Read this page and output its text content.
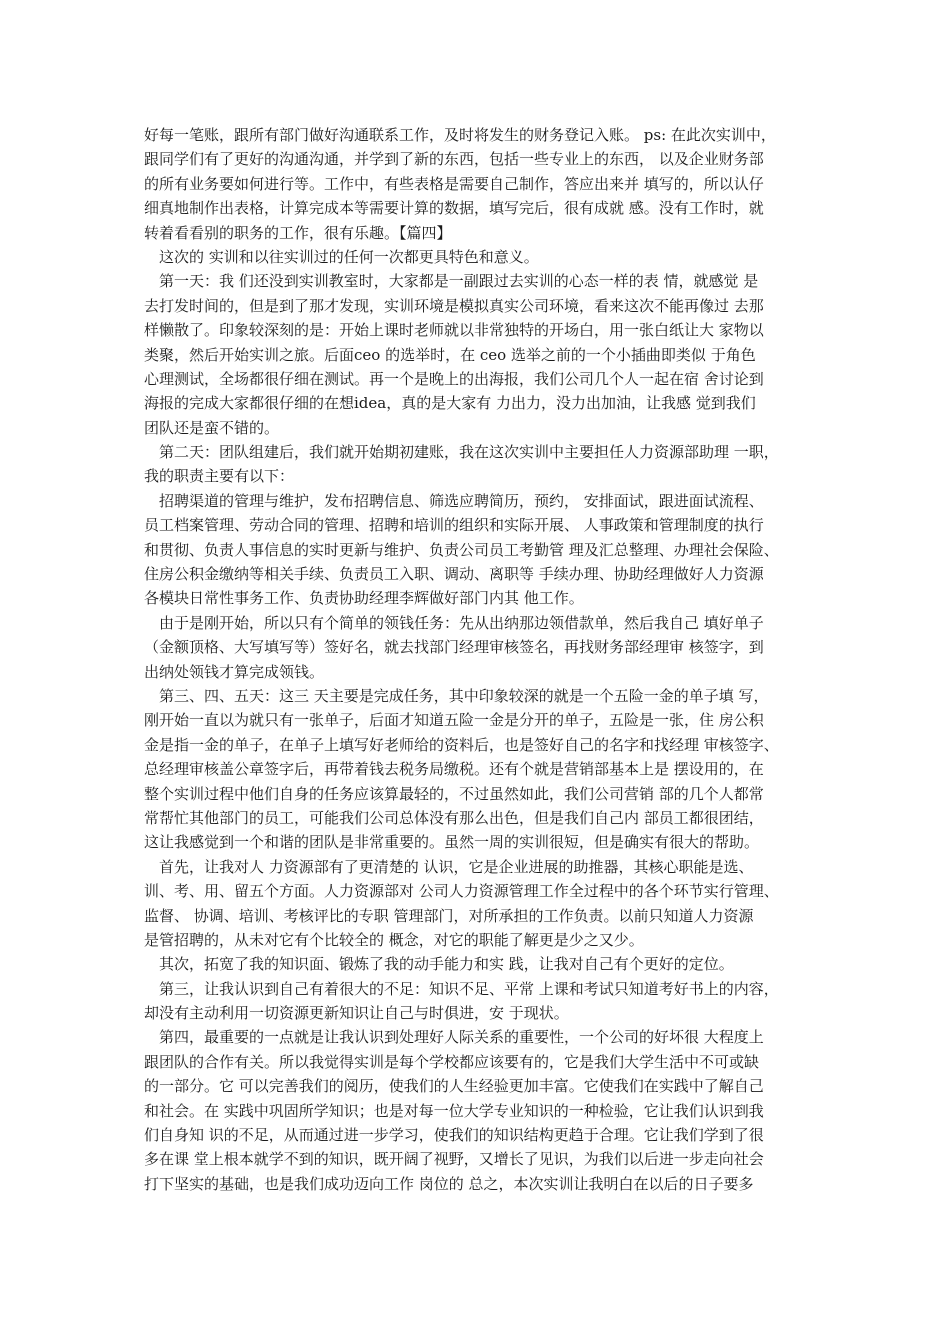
好每一笔账，跟所有部门做好沟通联系工作，及时将发生的财务登记入账。 ps: 在此次实训中，
跟同学们有了更好的沟通沟通，并学到了新的东西，包括一些专业上的东西， 以及企业财务部
的所有业务要如何进行等。工作中，有些表格是需要自己制作，答应出来并 填写的，所以认仔
细真地制作出表格，计算完成本等需要计算的数据，填写完后，很有成就 感。没有工作时，就
转着看看别的职务的工作，很有乐趣。【篇四】
这次的 实训和以往实训过的任何一次都更具特色和意义。
第一天：我 们还没到实训教室时，大家都是一副跟过去实训的心态一样的表 情，就感觉 是
去打发时间的，但是到了那才发现，实训环境是模拟真实公司环境，看来这次不能再像过 去那
样懒散了。印象较深刻的是：开始上课时老师就以非常独特的开场白，用一张白纸让大 家物以
类聚，然后开始实训之旅。后面ceo 的选举时，在 ceo 选举之前的一个小插曲即类似 于角色
心理测试，全场都很仔细在测试。再一个是晚上的出海报，我们公司几个人一起在宿 舍讨论到
海报的完成大家都很仔细的在想idea，真的是大家有 力出力，没力出加油，让我感 觉到我们
团队还是蛮不错的。
第二天：团队组建后，我们就开始期初建账，我在这次实训中主要担任人力资源部助理 一职，
我的职责主要有以下：
招聘渠道的管理与维护，发布招聘信息、筛选应聘简历，预约， 安排面试，跟进面试流程、
员工档案管理、劳动合同的管理、招聘和培训的组织和实际开展、 人事政策和管理制度的执行
和贯彻、负责人事信息的实时更新与维护、负责公司员工考勤管 理及汇总整理、办理社会保险、
住房公积金缴纳等相关手续、负责员工入职、调动、离职等 手续办理、协助经理做好人力资源
各模块日常性事务工作、负责协助经理李辉做好部门内其 他工作。
由于是刚开始，所以只有个简单的领钱任务：先从出纳那边领借款单，然后我自己 填好单子
（金额顶格、大写填写等）签好名，就去找部门经理审核签名，再找财务部经理审 核签字，到
出纳处领钱才算完成领钱。
第三、四、五天：这三 天主要是完成任务，其中印象较深的就是一个五险一金的单子填 写，
刚开始一直以为就只有一张单子，后面才知道五险一金是分开的单子，五险是一张，住 房公积
金是指一金的单子，在单子上填写好老师给的资料后，也是签好自己的名字和找经理 审核签字、
总经理审核盖公章签字后，再带着钱去税务局缴税。还有个就是营销部基本上是 摆设用的，在
整个实训过程中他们自身的任务应该算最轻的，不过虽然如此，我们公司营销 部的几个人都常
常帮忙其他部门的员工，可能我们公司总体没有那么出色，但是我们自己内 部员工都很团结，
这让我感觉到一个和谐的团队是非常重要的。虽然一周的实训很短，但是确实有很大的帮助。
首先，让我对人 力资源部有了更清楚的 认识，它是企业进展的助推器，其核心职能是选、
训、考、用、留五个方面。人力资源部对 公司人力资源管理工作全过程中的各个环节实行管理、
监督、 协调、培训、考核评比的专职 管理部门，对所承担的工作负责。以前只知道人力资源
是管招聘的，从未对它有个比较全的 概念，对它的职能了解更是少之又少。
其次，拓宽了我的知识面、锻炼了我的动手能力和实 践，让我对自己有个更好的定位。
第三，让我认识到自己有着很大的不足：知识不足、平常 上课和考试只知道考好书上的内容，
却没有主动利用一切资源更新知识让自己与时俱进，安 于现状。
第四，最重要的一点就是让我认识到处理好人际关系的重要性，一个公司的好坏很 大程度上
跟团队的合作有关。所以我觉得实训是每个学校都应该要有的，它是我们大学生活中不可或缺
的一部分。它 可以完善我们的阅历，使我们的人生经验更加丰富。它使我们在实践中了解自己
和社会。在 实践中巩固所学知识；也是对每一位大学专业知识的一种检验，它让我们认识到我
们自身知 识的不足，从而通过进一步学习，使我们的知识结构更趋于合理。它让我们学到了很
多在课 堂上根本就学不到的知识，既开阔了视野，又增长了见识，为我们以后进一步走向社会
打下坚实的基础，也是我们成功迈向工作 岗位的 总之，本次实训让我明白在以后的日子要多
